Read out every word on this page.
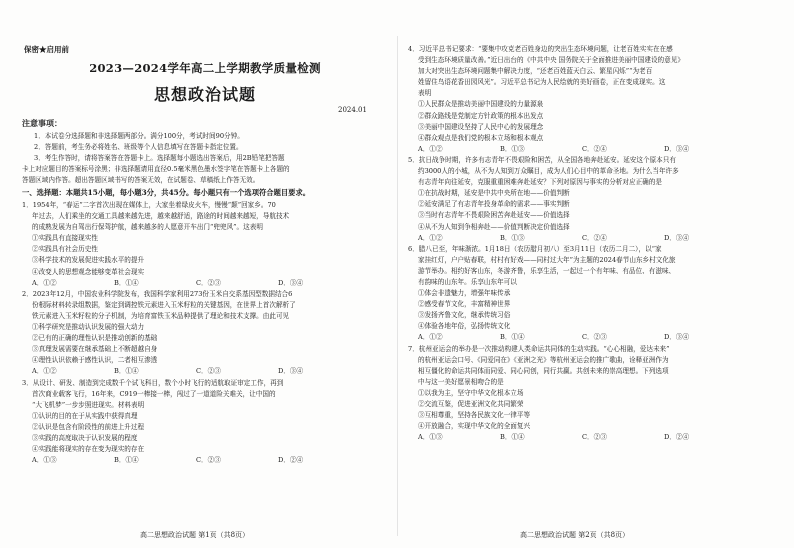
保密★启用前
2023—2024学年高二上学期教学质量检测
思想政治试题
2024.01
注意事项：
1．本试卷分选择题和非选择题两部分。满分100分，考试时间90分钟。
2．答题前，考生务必将姓名、班级等个人信息填写在答题卡指定位置。
3．考生作答时，请将答案答在答题卡上。选择题每小题选出答案后，用2B铅笔把答题
卡上对应题目的答案标号涂黑；非选择题请用直径0.5毫米黑色墨水签字笔在答题卡上各题的
答题区域内作答。超出答题区域书写的答案无效，在试题卷、草稿纸上作答无效。
一、选择题：本题共15小题，每小题3分，共45分。每小题只有一个选项符合题目要求。
1．1954年，“春运”二字首次出现在媒体上，大家坐着绿皮火车，慢慢“颠”回家乡。70
年过去，人们乘坐的交通工具越来越先进，越来越舒适，路途的时间越来越短，导航技术
的成熟发展为自驾出行保驾护航，越来越多的人愿意开车出门“兜兜风”。这表明
①实践具有直接现实性
②实践具有社会历史性
③科学技术的发展促进实践水平的提升
④改变人的思想观念能够变革社会现实
A．①②	B．①④	C．②③	D．③④
2．2023年12月，中国农业科学院发布，我国科学家利用273份玉米自交系基因型数据结合6
份根际材料转录组数据，鉴定到调控铁元素进入玉米籽粒的关键基因，在世界上首次解析了
铁元素进入玉米籽粒的分子机制，为培育富铁玉米品种提供了理论和技术支撑。由此可见
①科学研究是推动认识发展的强大动力
②已有的正确的理性认识是推动创新的基础
③真理发展需要在继承基础上不断超越自身
④理性认识依赖于感性认识，二者相互渗透
A．①②	B．①④	C．②③	D．③④
3．从设计、研发、制造到完成数千个试飞科目，数个小时飞行的适航取证审定工作，再到
首次商业载客飞行，16年来，C919一棒接一棒，闯过了一道道险关难关，让中国的
“大飞机梦”一步步照进现实。材料表明
①认识的目的在于从实践中获得真理
②认识是包含有阶段性的前进上升过程
③实践的高度取决于认识发展的程度
④实践能将现实的存在变为现实的存在
A．①③	B．①④	C．②③	D．②④
4．习近平总书记要求：“要集中攻克老百姓身边的突出生态环境问题，让老百姓实实在在感
受到生态环境质量改善。”近日出台的《中共中央 国务院关于全面推进美丽中国建设的意见》
加大对突出生态环境问题集中解决力度，“还老百姓蓝天白云、繁星闪烁”“为老百
姓留住鸟语花香田园风光”。习近平总书记为人民绘就的美好画卷，正在变成现实。这
表明
①人民群众是推动美丽中国建设的力量源泉
②群众路线是党制定方针政策的根本出发点
③美丽中国建设坚持了人民中心的发展理念
④群众观点是我们党的根本立场和根本观点
A．①②	B．①③	C．②④	D．③④
5．抗日战争时期，许多有志青年不畏艰险和困苦，从全国各地奔赴延安。延安这个原本只有
约3000人的小城，从不为人知到万众瞩目，成为人们心目中的革命圣地。为什么当年许多
有志青年向往延安，克服重重困难奔赴延安？下列对原因与事实的分析对应正确的是
①在抗战时期，延安是中共中央所在地——价值判断
②延安满足了有志青年投身革命的需求——事实判断
③当时有志青年不畏艰险困苦奔赴延安——价值选择
④从不为人知到争相奔赴——价值判断决定价值选择
A．①②	B．①③	C．②④	D．③④
6．腊八已至，年味渐浓。1月18日（农历腊月初八）至3月11日（农历二月二），以“家
家挂红灯，户户贴春联，村村有好戏——同村过大年”为主题的2024春节山东乡村文化旅
游节举办。相约好客山东，冬游齐鲁，乐享生活，一起过一个有年味、有品位、有滋味、
有韵味的山东年。乐享山东年可以
①体会非遗魅力，增强年味传承
②感受春节文化，丰富精神世界
③发扬齐鲁文化，继承传统习俗
④体验各地年俗，弘扬传统文化
A．①②	B．①④	C．②③	D．③④
7．杭州亚运会的举办是一次推动构建人类命运共同体的生动实践。“心心相融，爱达未来”
的杭州亚运会口号、《同爱同在》《亚洲之光》等杭州亚运会的推广歌曲，诠释亚洲作为
相互僵化的命运共同体而同爱、同心同创，同行共赢。共创未来的崇高理想。下列选项
中与这一美好愿景相吻合的是
①以我为主，坚守中华文化根本立场
②交流互鉴，促进亚洲文化共同繁荣
③互相尊重，坚持各民族文化一律平等
④开放融合，实现中华文化的全面复兴
A．①③	B．①④	C．②③	D．②④
高二思想政治试题 第1页（共8页）	高二思想政治试题 第2页（共8页）
